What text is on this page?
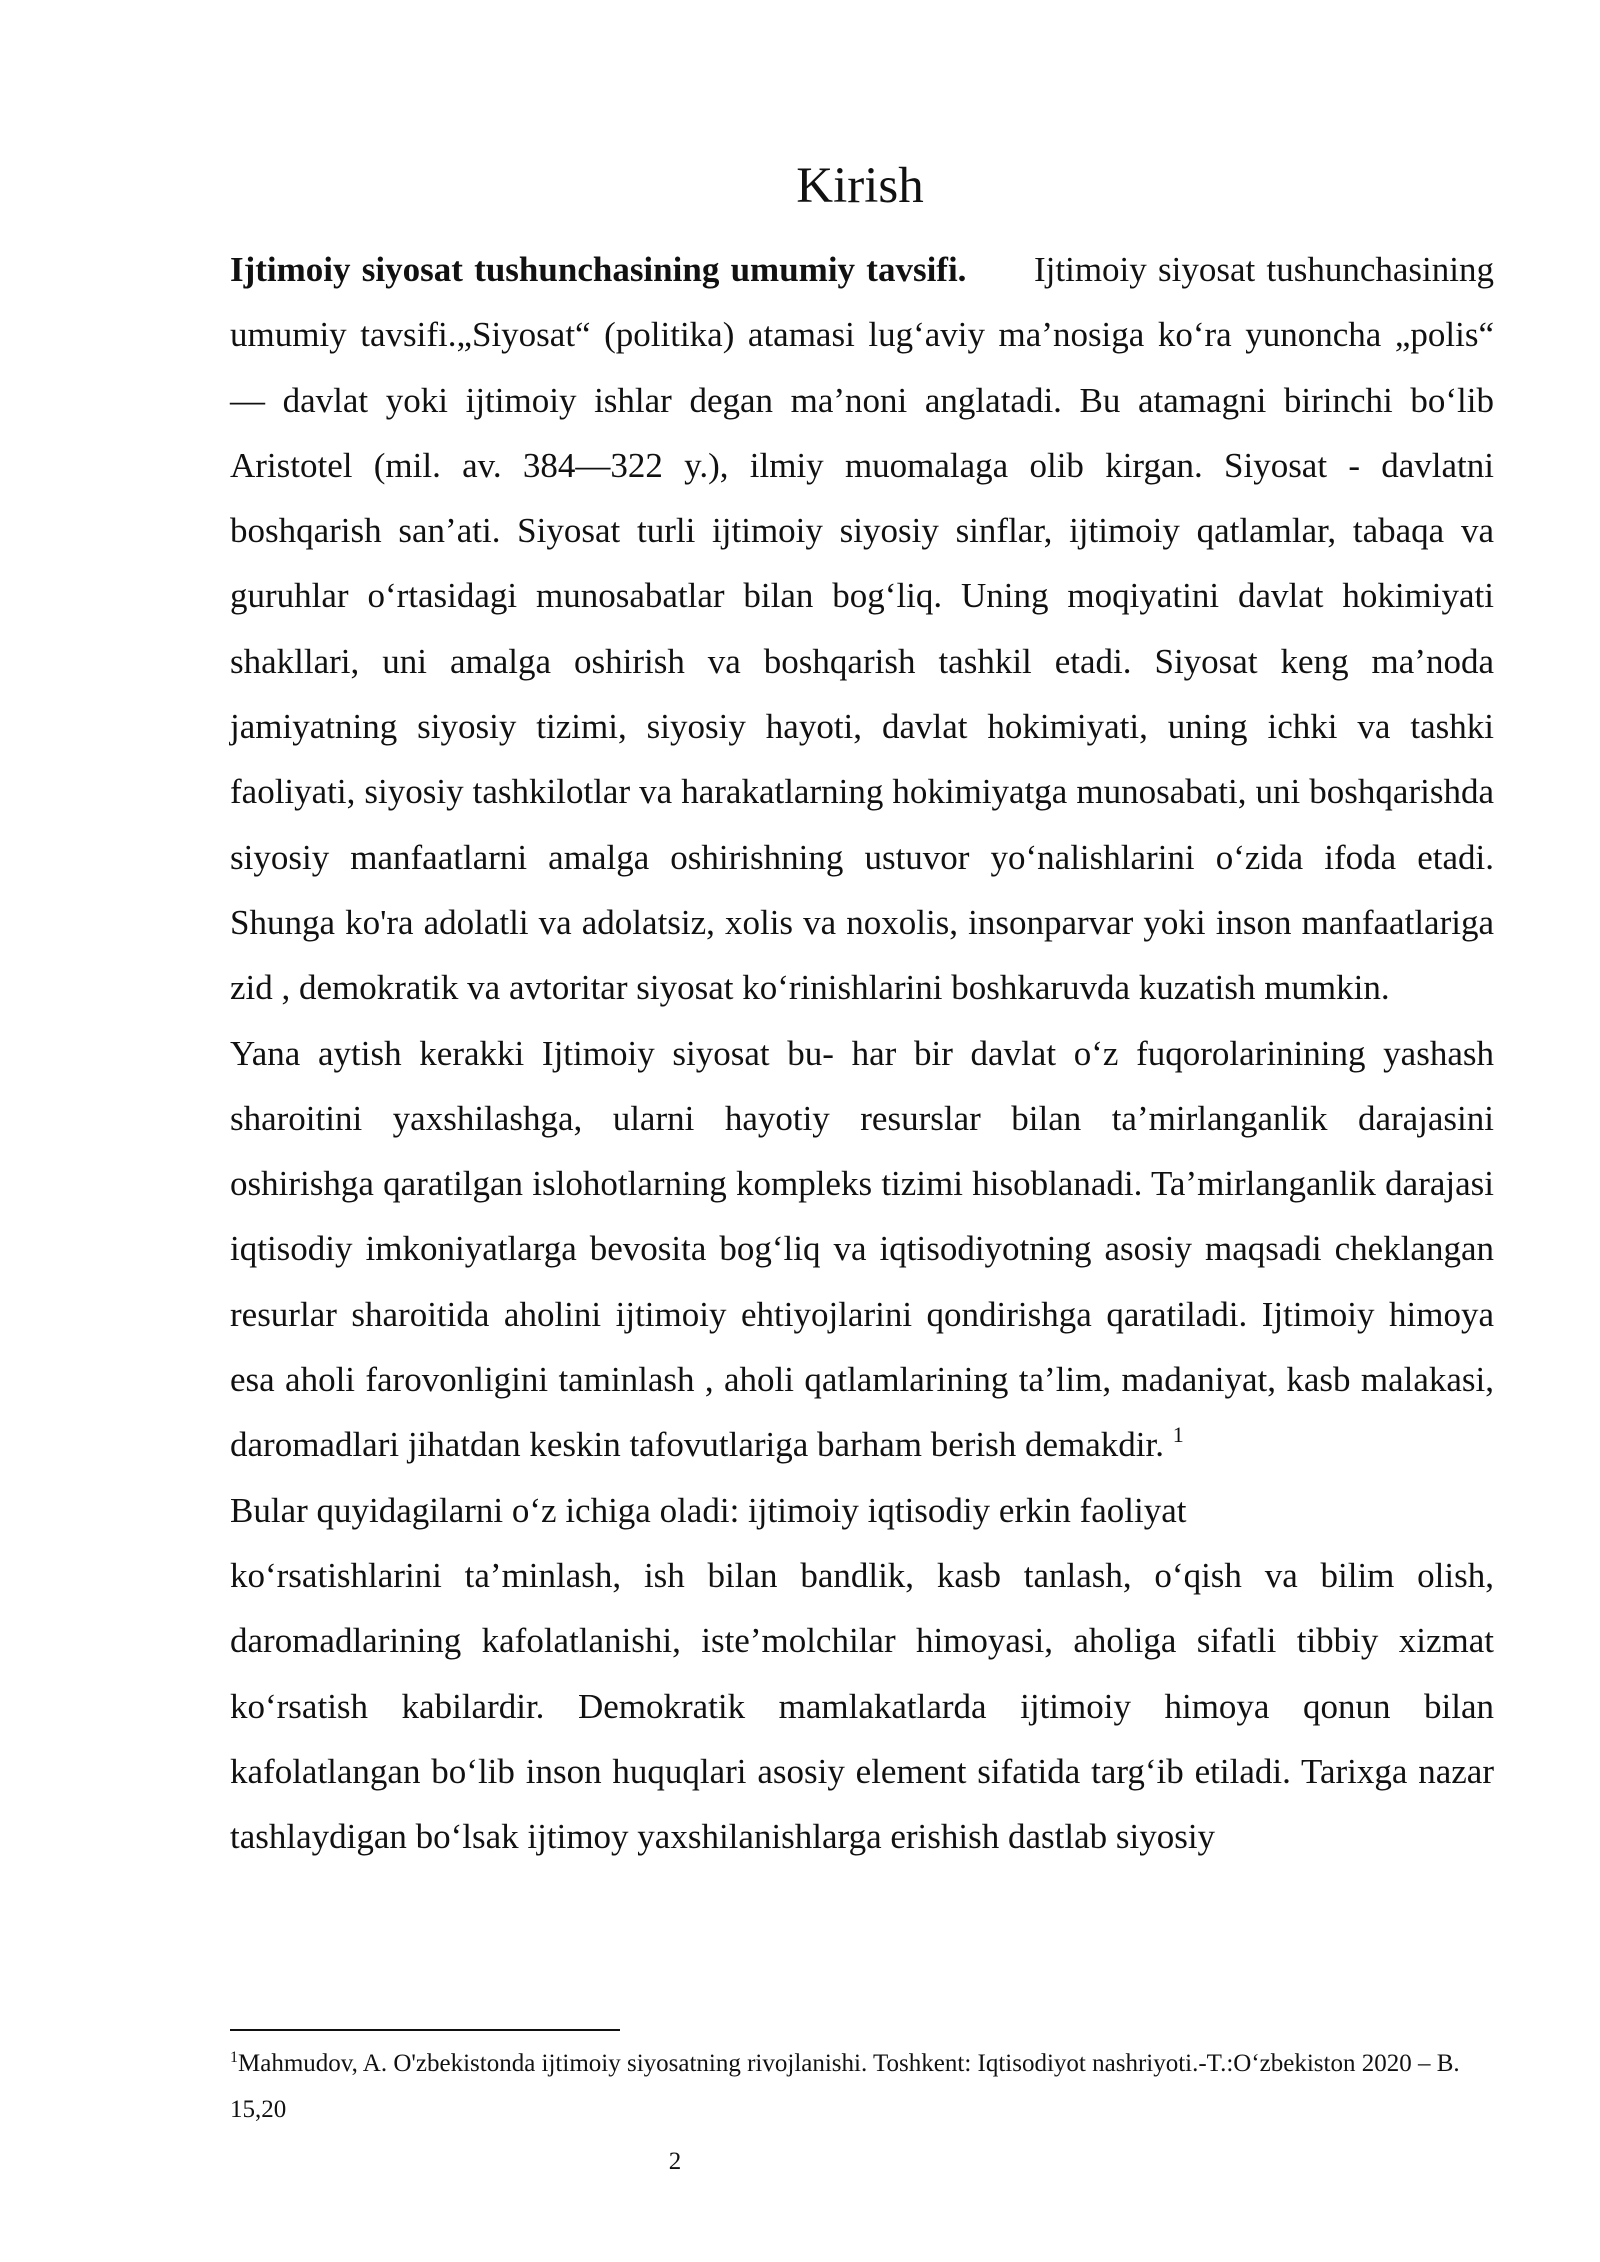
Kirish

Ijtimoiy siyosat tushunchasining umumiy tavsifi. Ijtimoiy siyosat tushunchasining umumiy tavsifi.„Siyosat“ (politika) atamasi lug‘aviy ma’nosiga ko‘ra yunoncha „polis“ — davlat yoki ijtimoiy ishlar degan ma’noni anglatadi. Bu atamagni birinchi bo‘lib Aristotel (mil. av. 384—322 y.), ilmiy muomalaga olib kirgan. Siyosat - davlatni boshqarish san’ati. Siyosat turli ijtimoiy siyosiy sinflar, ijtimoiy qatlamlar, tabaqa va guruhlar o‘rtasidagi munosabatlar bilan bog‘liq. Uning moqiyatini davlat hokimiyati shakllari, uni amalga oshirish va boshqarish tashkil etadi. Siyosat keng ma’noda jamiyatning siyosiy tizimi, siyosiy hayoti, davlat hokimiyati, uning ichki va tashki faoliyati, siyosiy tashkilotlar va harakatlarning hokimiyatga munosabati, uni boshqarishda siyosiy manfaatlarni amalga oshirishning ustuvor yo‘nalishlarini o‘zida ifoda etadi. Shunga ko'ra adolatli va adolatsiz, xolis va noxolis, insonparvar yoki inson manfaatlariga zid , demokratik va avtoritar siyosat ko‘rinishlarini boshkaruvda kuzatish mumkin.

Yana aytish kerakki Ijtimoiy siyosat bu- har bir davlat o‘z fuqorolarinining yashash sharoitini yaxshilashga, ularni hayotiy resurslar bilan ta’mirlanganlik darajasini oshirishga qaratilgan islohotlarning kompleks tizimi hisoblanadi. Ta’mirlanganlik darajasi iqtisodiy imkoniyatlarga bevosita bog‘liq va iqtisodiyotning asosiy maqsadi cheklangan resurlar sharoitida aholini ijtimoiy ehtiyojlarini qondirishga qaratiladi. Ijtimoiy himoya esa aholi farovonligini taminlash , aholi qatlamlarining ta’lim, madaniyat, kasb malakasi, daromadlari jihatdan keskin tafovutlariga barham berish demakdir. $^1$

Bular quyidagilarni o‘z ichiga oladi: ijtimoiy iqtisodiy erkin faoliyat

ko‘rsatishlarini ta’minlash, ish bilan bandlik, kasb tanlash, o‘qish va bilim olish, daromadlarining kafolatlanishi, iste’molchilar himoyasi, aholiga sifatli tibbiy xizmat ko‘rsatish kabilardir. Demokratik mamlakatlarda ijtimoiy himoya qonun bilan kafolatlangan bo‘lib inson huquqlari asosiy element sifatida targ‘ib etiladi. Tarixga nazar tashlaydigan bo‘lsak ijtimoy yaxshilanishlarga erishish dastlab siyosiy

$^1$Mahmudov, A. O'zbekistonda ijtimoiy siyosatning rivojlanishi. Toshkent: Iqtisodiyot nashriyoti.-T.:O‘zbekiston 2020 – B. 15,20
2
